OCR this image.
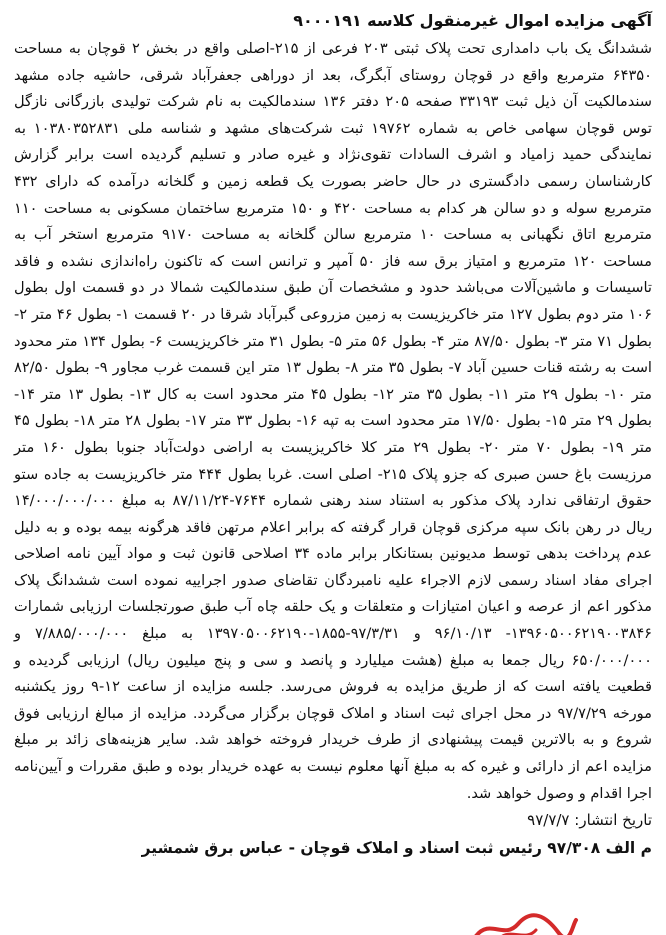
آگهی مزایده اموال غیرمنقول کلاسه ۹۰۰۰۱۹۱

ششدانگ یک باب دامداری تحت پلاک ثبتی ۲۰۳ فرعی از ۲۱۵-اصلی واقع در بخش ۲ قوچان به مساحت ۶۴۳۵۰ مترمربع واقع در قوچان روستای آبگرگ، بعد از دوراهی جعفرآباد شرقی، حاشیه جاده مشهد سندمالکیت آن ذیل ثبت ۳۳۱۹۳ صفحه ۲۰۵ دفتر ۱۳۶ سندمالکیت به نام شرکت تولیدی بازرگانی نازگل توس قوچان سهامی خاص به شماره ۱۹۷۶۲ ثبت شرکت‌های مشهد و شناسه ملی ۱۰۳۸۰۳۵۲۸۳۱ به نمایندگی حمید زامیاد و اشرف السادات تقوی‌نژاد و غیره صادر و تسلیم گردیده است برابر گزارش کارشناسان رسمی دادگستری در حال حاضر بصورت یک قطعه زمین و گلخانه درآمده که دارای ۴۳۲ مترمربع سوله و دو سالن هر کدام به مساحت ۴۲۰ و ۱۵۰ مترمربع ساختمان مسکونی به مساحت ۱۱۰ مترمربع اتاق نگهبانی به مساحت ۱۰ مترمربع سالن گلخانه به مساحت ۹۱۷۰ مترمربع استخر آب به مساحت ۱۲۰ مترمربع و امتیاز برق سه فاز ۵۰ آمپر و ترانس است که تاکنون راه‌اندازی نشده و فاقد تاسیسات و ماشین‌آلات می‌باشد حدود و مشخصات آن طبق سندمالکیت شمالا در دو قسمت اول بطول ۱۰۶ متر دوم بطول ۱۲۷ متر خاکریزیست به زمین مزروعی گبرآباد شرقا در ۲۰ قسمت ۱- بطول ۴۶ متر ۲- بطول ۷۱ متر ۳- بطول ۸۷/۵۰ متر ۴- بطول ۵۶ متر ۵- بطول ۳۱ متر خاکریزیست ۶- بطول ۱۳۴ متر محدود است به رشته قنات حسین آباد ۷- بطول ۳۵ متر ۸- بطول ۱۳ متر این قسمت غرب مجاور ۹- بطول ۸۲/۵۰ متر ۱۰- بطول ۲۹ متر ۱۱- بطول ۳۵ متر ۱۲- بطول ۴۵ متر محدود است به کال ۱۳- بطول ۱۳ متر ۱۴- بطول ۲۹ متر ۱۵- بطول ۱۷/۵۰ متر محدود است به تپه ۱۶- بطول ۳۳ متر ۱۷- بطول ۲۸ متر ۱۸- بطول ۴۵ متر ۱۹- بطول ۷۰ متر ۲۰- بطول ۲۹ متر کلا خاکریزیست به اراضی دولت‌آباد جنوبا بطول ۱۶۰ متر مرزیست باغ حسن صبری که جزو پلاک ۲۱۵- اصلی است. غربا بطول ۴۴۴ متر خاکریزیست به جاده ستو حقوق ارتفاقی ندارد پلاک مذکور به استناد سند رهنی شماره ۷۶۴۴-۸۷/۱۱/۲۴ به مبلغ ۱۴/۰۰۰/۰۰۰/۰۰۰ ریال در رهن بانک سپه مرکزی قوچان قرار گرفته که برابر اعلام مرتهن فاقد هرگونه بیمه بوده و به دلیل عدم پرداخت بدهی توسط مدیونین بستانکار برابر ماده ۳۴ اصلاحی قانون ثبت و مواد آیین نامه اصلاحی اجرای مفاد اسناد رسمی لازم الاجراء علیه نامبردگان تقاضای صدور اجراییه نموده است ششدانگ پلاک مذکور اعم از عرصه و اعیان امتیازات و متعلقات و یک حلقه چاه آب طبق صورتجلسات ارزیابی شمارات ۱۳۹۶۰۵۰۰۶۲۱۹۰۰۳۸۴۶- ۹۶/۱۰/۱۳ و ۹۷/۳/۳۱-۱۸۵۵-۱۳۹۷۰۵۰۰۶۲۱۹۰ به مبلغ ۷/۸۸۵/۰۰۰/۰۰۰ و ۶۵۰/۰۰۰/۰۰۰ ریال جمعا به مبلغ (هشت میلیارد و پانصد و سی و پنج میلیون ریال) ارزیابی گردیده و قطعیت یافته است که از طریق مزایده به فروش می‌رسد. جلسه مزایده از ساعت ۱۲-۹ روز یکشنبه مورخه ۹۷/۷/۲۹ در محل اجرای ثبت اسناد و املاک قوچان برگزار می‌گردد. مزایده از مبالغ ارزیابی فوق شروع و به بالاترین قیمت پیشنهادی از طرف خریدار فروخته خواهد شد. سایر هزینه‌های زائد بر مبلغ مزایده اعم از دارائی و غیره که به مبلغ آنها معلوم نیست به عهده خریدار بوده و طبق مقررات و آیین‌نامه اجرا اقدام و وصول خواهد شد.

تاریخ انتشار: ۹۷/۷/۷

م الف ۹۷/۳۰۸ رئیس ثبت اسناد و املاک قوچان - عباس برق شمشیر
